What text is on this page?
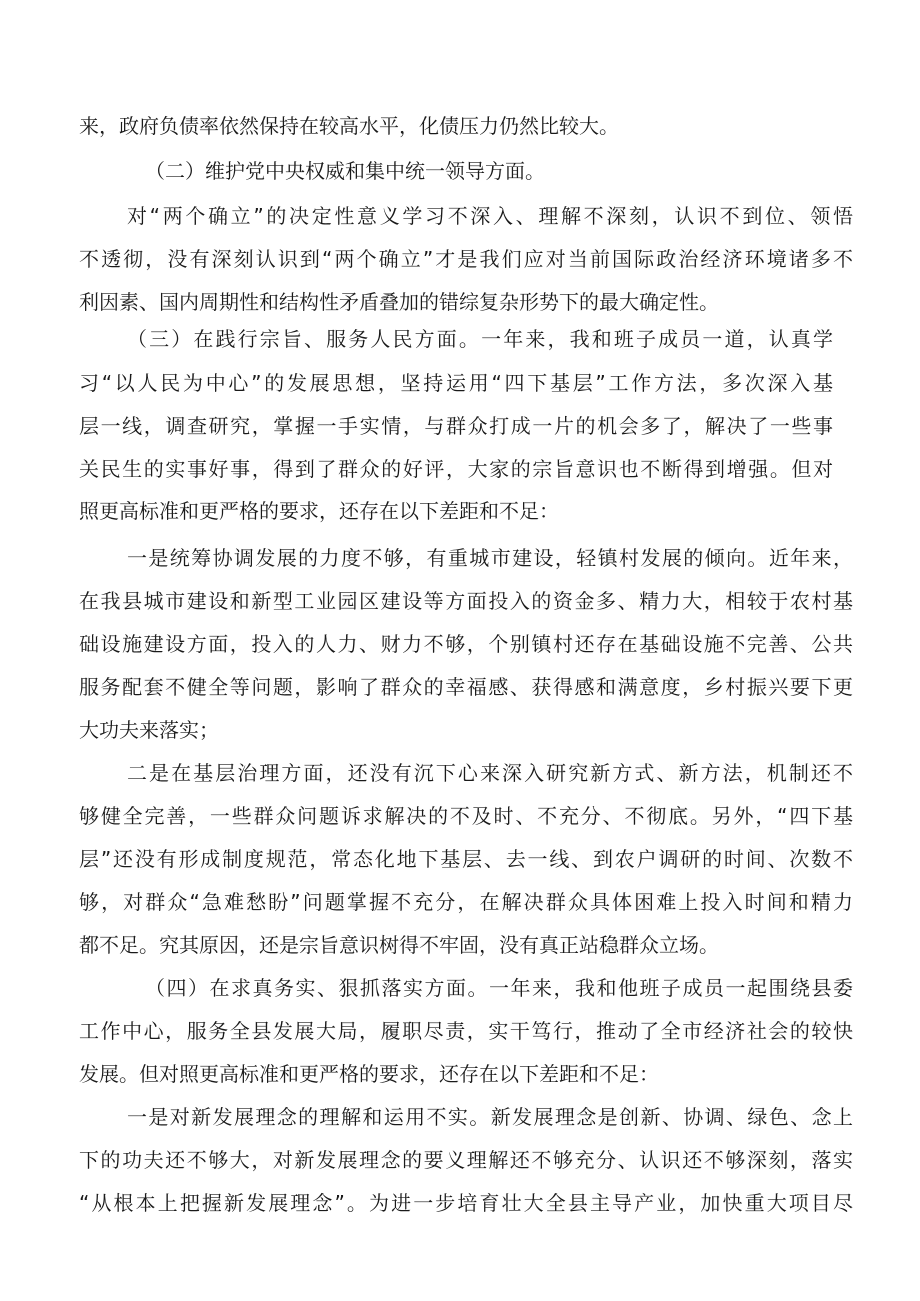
来，政府负债率依然保持在较高水平，化债压力仍然比较大。
（二）维护党中央权威和集中统一领导方面。
对“两个确立”的决定性意义学习不深入、理解不深刻，认识不到位、领悟
不透彻，没有深刻认识到“两个确立”才是我们应对当前国际政治经济环境诸多不
利因素、国内周期性和结构性矛盾叠加的错综复杂形势下的最大确定性。
（三）在践行宗旨、服务人民方面。一年来，我和班子成员一道，认真学
习“以人民为中心”的发展思想，坚持运用“四下基层”工作方法，多次深入基
层一线，调查研究，掌握一手实情，与群众打成一片的机会多了，解决了一些事
关民生的实事好事，得到了群众的好评，大家的宗旨意识也不断得到增强。但对
照更高标准和更严格的要求，还存在以下差距和不足：
一是统筹协调发展的力度不够，有重城市建设，轻镇村发展的倾向。近年来，
在我县城市建设和新型工业园区建设等方面投入的资金多、精力大，相较于农村基
础设施建设方面，投入的人力、财力不够，个别镇村还存在基础设施不完善、公共
服务配套不健全等问题，影响了群众的幸福感、获得感和满意度，乡村振兴要下更
大功夫来落实；
二是在基层治理方面，还没有沉下心来深入研究新方式、新方法，机制还不
够健全完善，一些群众问题诉求解决的不及时、不充分、不彻底。另外，“四下基
层”还没有形成制度规范，常态化地下基层、去一线、到农户调研的时间、次数不
够，对群众“急难愁盼”问题掌握不充分，在解决群众具体困难上投入时间和精力
都不足。究其原因，还是宗旨意识树得不牢固，没有真正站稳群众立场。
（四）在求真务实、狠抓落实方面。一年来，我和他班子成员一起围绕县委
工作中心，服务全县发展大局，履职尽责，实干笃行，推动了全市经济社会的较快
发展。但对照更高标准和更严格的要求，还存在以下差距和不足：
一是对新发展理念的理解和运用不实。新发展理念是创新、协调、绿色、念上
下的功夫还不够大，对新发展理念的要义理解还不够充分、认识还不够深刻，落实
“从根本上把握新发展理念”。为进一步培育壮大全县主导产业，加快重大项目尽
